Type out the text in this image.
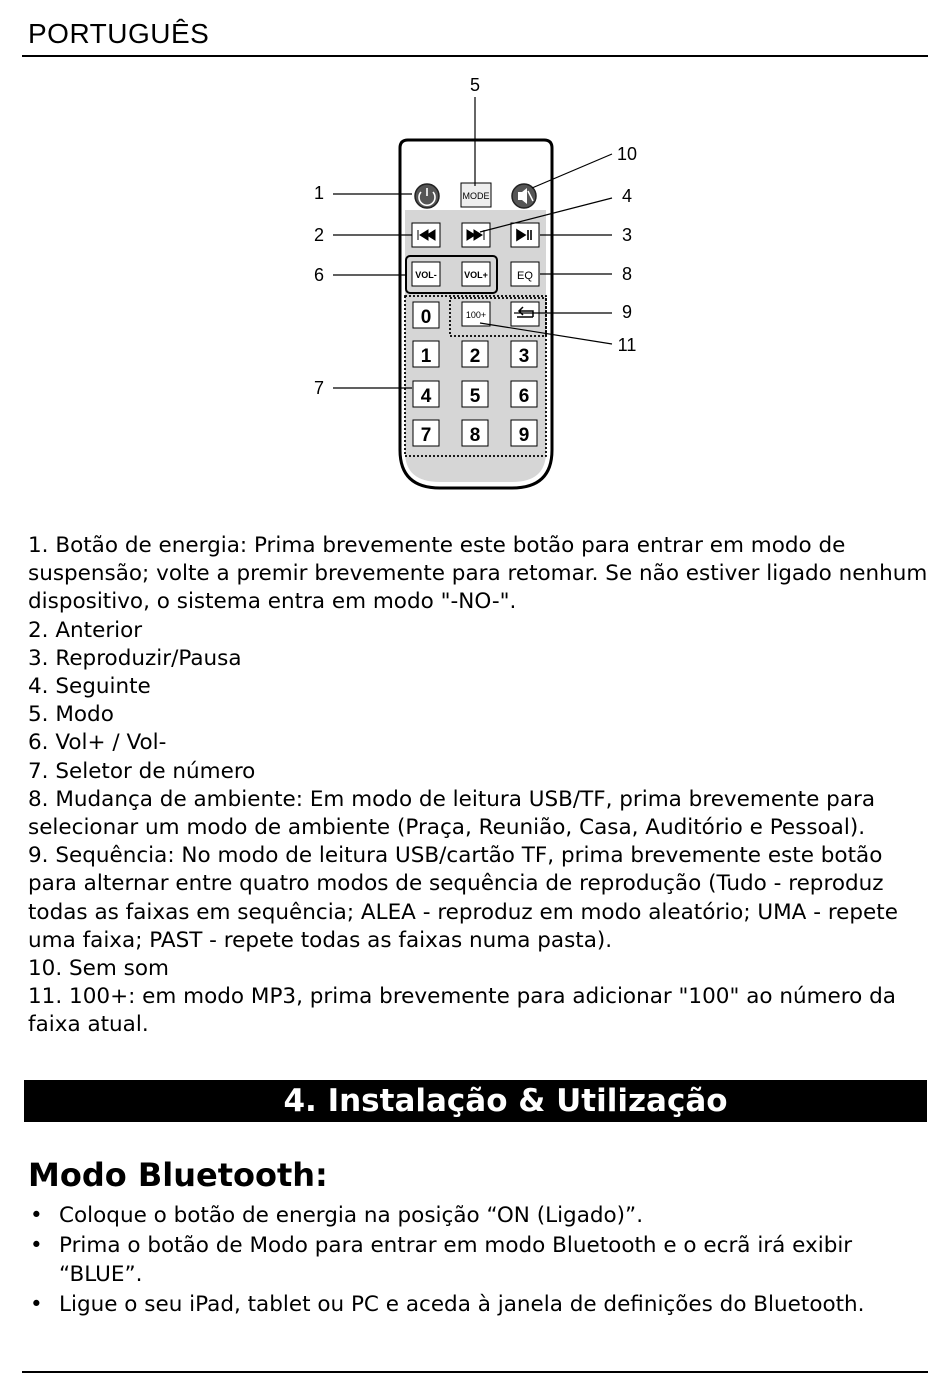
PORTUGUÊS
MODE
VOL-	VOL+	EQ
0	100+
1 2 3
4 5 6
7 8 9
5
1
2
6
7
10
4
3
8
9
11
1. Botão de energia: Prima brevemente este botão para entrar em modo de suspensão; volte a premir brevemente para retomar. Se não estiver ligado nenhum dispositivo, o sistema entra em modo "-NO-".
2. Anterior
3. Reproduzir/Pausa
4. Seguinte
5. Modo
6. Vol+ / Vol-
7. Seletor de número
8. Mudança de ambiente: Em modo de leitura USB/TF, prima brevemente para selecionar um modo de ambiente (Praça, Reunião, Casa, Auditório e Pessoal).
9. Sequência: No modo de leitura USB/cartão TF, prima brevemente este botão para alternar entre quatro modos de sequência de reprodução (Tudo - reproduz todas as faixas em sequência; ALEA - reproduz em modo aleatório; UMA - repete uma faixa; PAST - repete todas as faixas numa pasta).
10. Sem som
11. 100+: em modo MP3, prima brevemente para adicionar "100" ao número da faixa atual.
4. Instalação & Utilização
Modo Bluetooth:
• Coloque o botão de energia na posição “ON (Ligado)”.
• Prima o botão de Modo para entrar em modo Bluetooth e o ecrã irá exibir “BLUE”.
• Ligue o seu iPad, tablet ou PC e aceda à janela de definições do Bluetooth.
